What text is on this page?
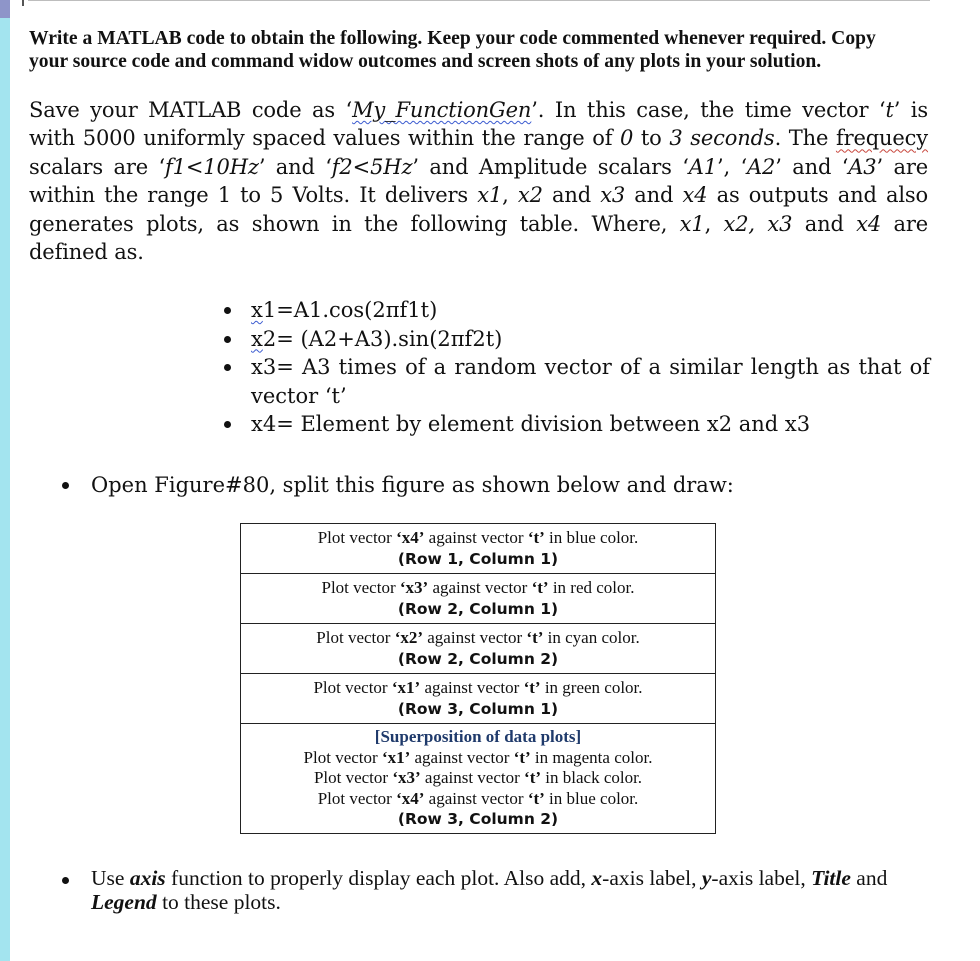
Write a MATLAB code to obtain the following. Keep your code commented whenever required. Copy
your source code and command widow outcomes and screen shots of any plots in your solution.
Save your MATLAB code as ‘My_FunctionGen’. In this case, the time vector ‘t’ is with 5000 uniformly spaced values within the range of 0 to 3 seconds. The frequecy scalars are ‘f1<10Hz’ and ‘f2<5Hz’ and Amplitude scalars ‘A1’, ‘A2’ and ‘A3’ are within the range 1 to 5 Volts. It delivers x1, x2 and x3 and x4 as outputs and also generates plots, as shown in the following table. Where, x1, x2, x3 and x4 are defined as.
x1=A1.cos(2πf1t)
x2= (A2+A3).sin(2πf2t)
x3= A3 times of a random vector of a similar length as that of vector ‘t’
x4= Element by element division between x2 and x3
Open Figure#80, split this figure as shown below and draw:
Plot vector ‘x4’ against vector ‘t’ in blue color.
(Row 1, Column 1)
Plot vector ‘x3’ against vector ‘t’ in red color.
(Row 2, Column 1)
Plot vector ‘x2’ against vector ‘t’ in cyan color.
(Row 2, Column 2)
Plot vector ‘x1’ against vector ‘t’ in green color.
(Row 3, Column 1)
[Superposition of data plots]
Plot vector ‘x1’ against vector ‘t’ in magenta color.
Plot vector ‘x3’ against vector ‘t’ in black color.
Plot vector ‘x4’ against vector ‘t’ in blue color.
(Row 3, Column 2)
Use axis function to properly display each plot. Also add, x-axis label, y-axis label, Title and Legend to these plots.
